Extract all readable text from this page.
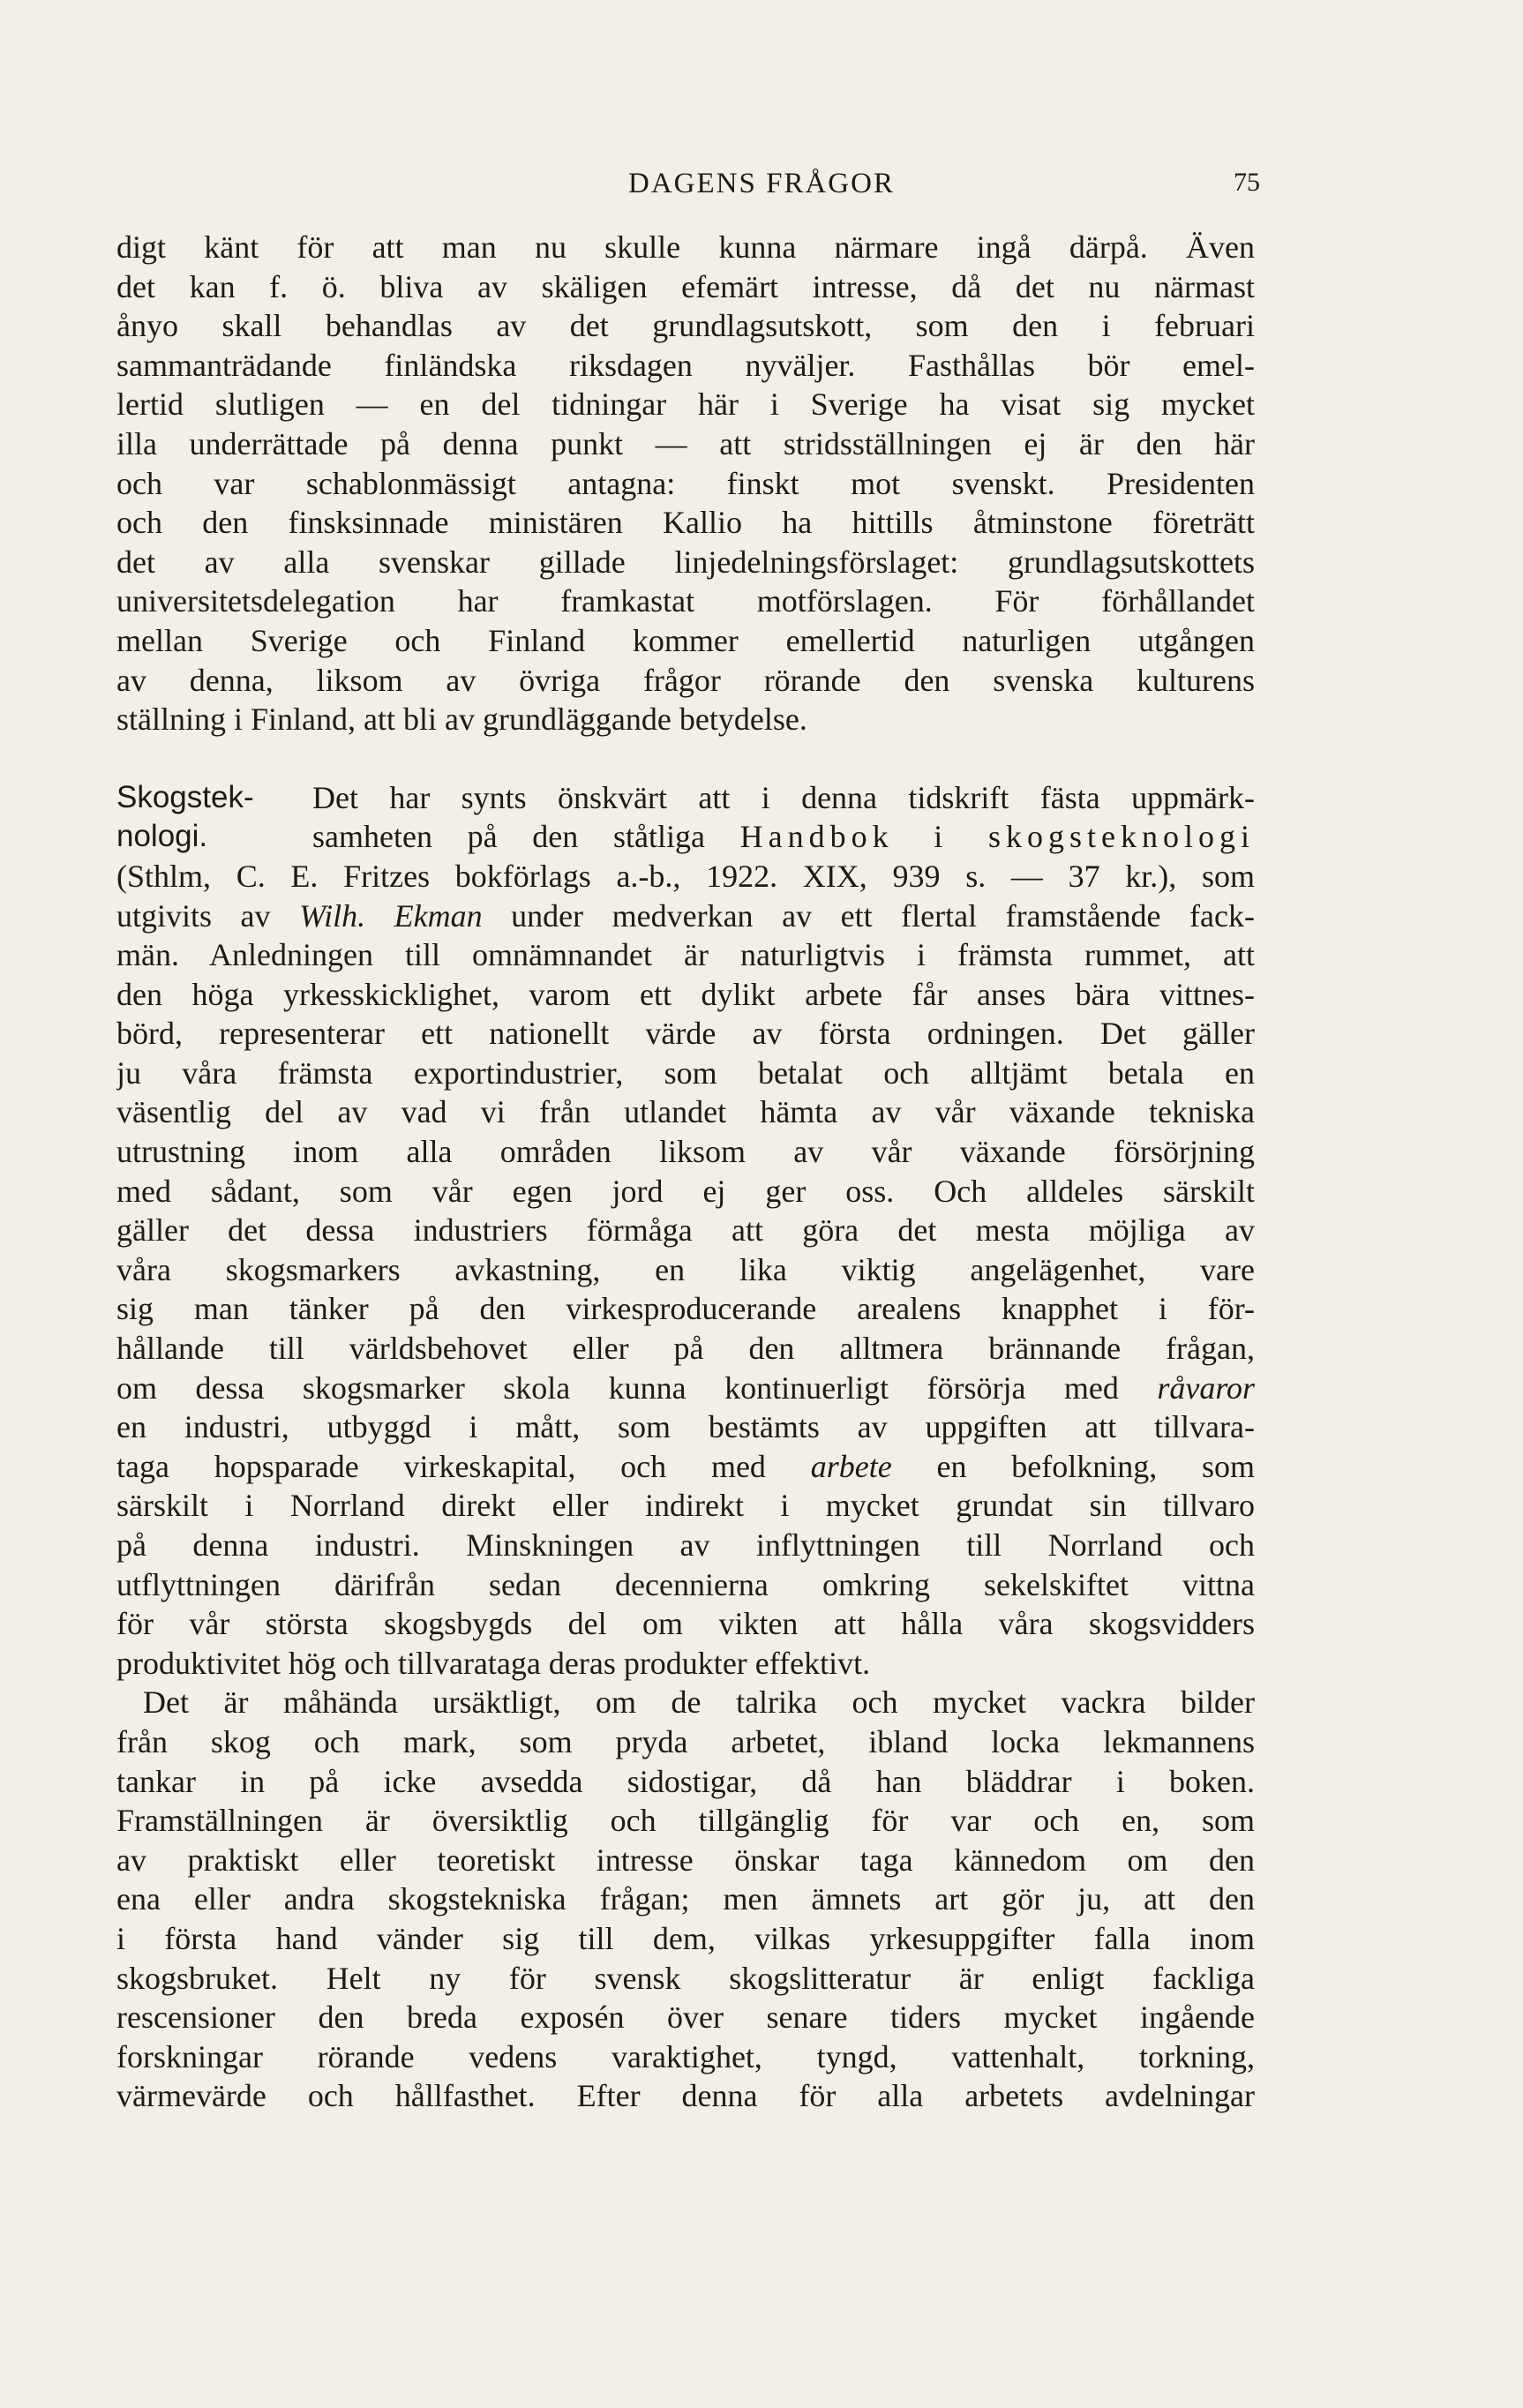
DAGENS FRÅGOR	75
digt känt för att man nu skulle kunna närmare ingå därpå. Även
det kan f. ö. bliva av skäligen efemärt intresse, då det nu närmast
ånyo skall behandlas av det grundlagsutskott, som den i februari
sammanträdande finländska riksdagen nyväljer. Fasthållas bör emel-
lertid slutligen — en del tidningar här i Sverige ha visat sig mycket
illa underrättade på denna punkt — att stridsställningen ej är den här
och var schablonmässigt antagna: finskt mot svenskt. Presidenten
och den finsksinnade ministären Kallio ha hittills åtminstone företrätt
det av alla svenskar gillade linjedelningsförslaget: grundlagsutskottets
universitetsdelegation har framkastat motförslagen. För förhållandet
mellan Sverige och Finland kommer emellertid naturligen utgången
av denna, liksom av övriga frågor rörande den svenska kulturens
ställning i Finland, att bli av grundläggande betydelse.
Skogstek-
nologi.
Det har synts önskvärt att i denna tidskrift fästa uppmärk-
samheten på den ståtliga Handbok i skogsteknologi
(Sthlm, C. E. Fritzes bokförlags a.-b., 1922. XIX, 939 s. — 37 kr.), som
utgivits av Wilh. Ekman under medverkan av ett flertal framstående fack-
män. Anledningen till omnämnandet är naturligtvis i främsta rummet, att
den höga yrkesskicklighet, varom ett dylikt arbete får anses bära vittnes-
börd, representerar ett nationellt värde av första ordningen. Det gäller
ju våra främsta exportindustrier, som betalat och alltjämt betala en
väsentlig del av vad vi från utlandet hämta av vår växande tekniska
utrustning inom alla områden liksom av vår växande försörjning
med sådant, som vår egen jord ej ger oss. Och alldeles särskilt
gäller det dessa industriers förmåga att göra det mesta möjliga av
våra skogsmarkers avkastning, en lika viktig angelägenhet, vare
sig man tänker på den virkesproducerande arealens knapphet i för-
hållande till världsbehovet eller på den alltmera brännande frågan,
om dessa skogsmarker skola kunna kontinuerligt försörja med råvaror
en industri, utbyggd i mått, som bestämts av uppgiften att tillvara-
taga hopsparade virkeskapital, och med arbete en befolkning, som
särskilt i Norrland direkt eller indirekt i mycket grundat sin tillvaro
på denna industri. Minskningen av inflyttningen till Norrland och
utflyttningen därifrån sedan decennierna omkring sekelskiftet vittna
för vår största skogsbygds del om vikten att hålla våra skogsvidders
produktivitet hög och tillvarataga deras produkter effektivt.
Det är måhända ursäktligt, om de talrika och mycket vackra bilder
från skog och mark, som pryda arbetet, ibland locka lekmannens
tankar in på icke avsedda sidostigar, då han bläddrar i boken.
Framställningen är översiktlig och tillgänglig för var och en, som
av praktiskt eller teoretiskt intresse önskar taga kännedom om den
ena eller andra skogstekniska frågan; men ämnets art gör ju, att den
i första hand vänder sig till dem, vilkas yrkesuppgifter falla inom
skogsbruket. Helt ny för svensk skogslitteratur är enligt fackliga
rescensioner den breda exposén över senare tiders mycket ingående
forskningar rörande vedens varaktighet, tyngd, vattenhalt, torkning,
värmevärde och hållfasthet. Efter denna för alla arbetets avdelningar
